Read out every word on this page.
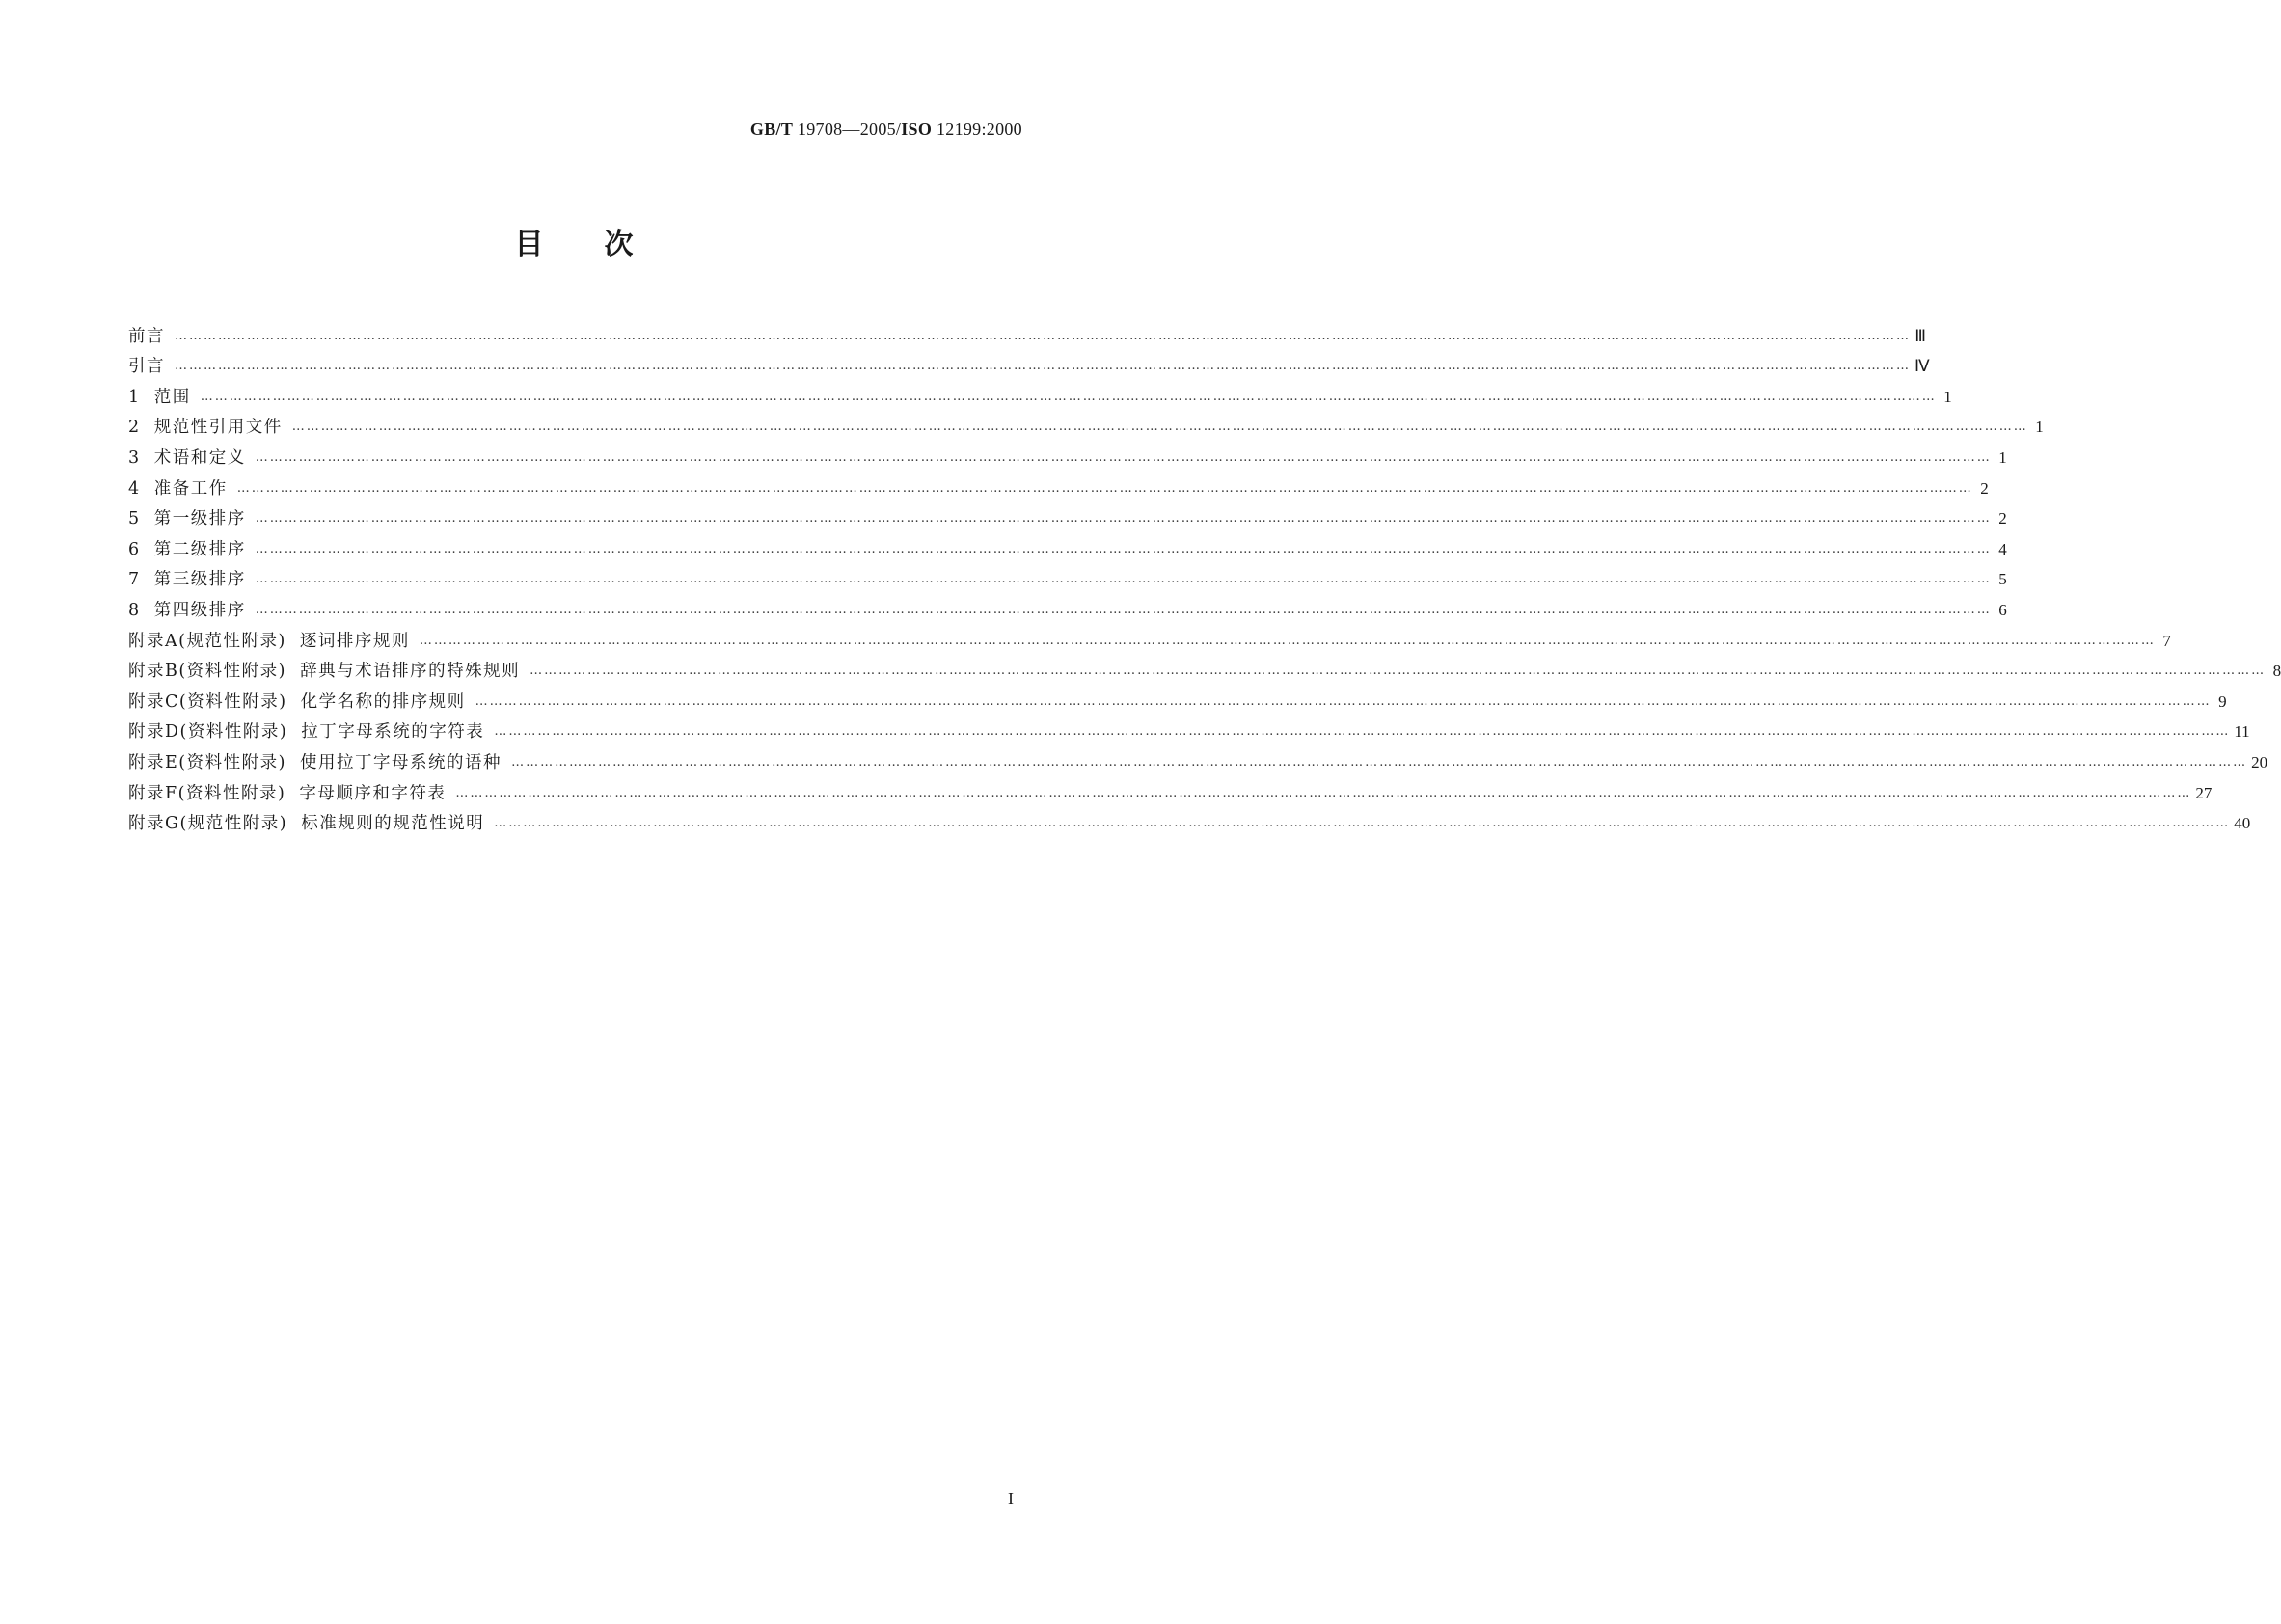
GB/T 19708—2005/ISO 12199:2000
目 次
前言 ……………………………………………………………………………………………………………………………………………………………………………………………………………………………………………………………………………………………………………………………… Ⅲ
引言 ……………………………………………………………………………………………………………………………………………………………………………………………………………………………………………………………………………………………………………………………… Ⅳ
1  范围 ……………………………………………………………………………………………………………………………………………………………………………………………………………………………………………………………………………………………………………………………… 1
2  规范性引用文件 ……………………………………………………………………………………………………………………………………………………………………………………………………………………………………………………………………………………………………………………………… 1
3  术语和定义 ……………………………………………………………………………………………………………………………………………………………………………………………………………………………………………………………………………………………………………………………… 1
4  准备工作 ……………………………………………………………………………………………………………………………………………………………………………………………………………………………………………………………………………………………………………………………… 2
5  第一级排序 ……………………………………………………………………………………………………………………………………………………………………………………………………………………………………………………………………………………………………………………………… 2
6  第二级排序 ……………………………………………………………………………………………………………………………………………………………………………………………………………………………………………………………………………………………………………………………… 4
7  第三级排序 ……………………………………………………………………………………………………………………………………………………………………………………………………………………………………………………………………………………………………………………………… 5
8  第四级排序 ……………………………………………………………………………………………………………………………………………………………………………………………………………………………………………………………………………………………………………………………… 6
附录A(规范性附录)  逐词排序规则 ……………………………………………………………………………………………………………………………………………………………………………………………………………………………………………………………………………………………………………………………… 7
附录B(资料性附录)  辞典与术语排序的特殊规则 ……………………………………………………………………………………………………………………………………………………………………………………………………………………………………………………………………………………………………………………………… 8
附录C(资料性附录)  化学名称的排序规则 ……………………………………………………………………………………………………………………………………………………………………………………………………………………………………………………………………………………………………………………………… 9
附录D(资料性附录)  拉丁字母系统的字符表 ……………………………………………………………………………………………………………………………………………………………………………………………………………………………………………………………………………………………………………………………… 11
附录E(资料性附录)  使用拉丁字母系统的语种 ……………………………………………………………………………………………………………………………………………………………………………………………………………………………………………………………………………………………………………………………… 20
附录F(资料性附录)  字母顺序和字符表 ……………………………………………………………………………………………………………………………………………………………………………………………………………………………………………………………………………………………………………………………… 27
附录G(规范性附录)  标准规则的规范性说明 ……………………………………………………………………………………………………………………………………………………………………………………………………………………………………………………………………………………………………………………………… 40
I
